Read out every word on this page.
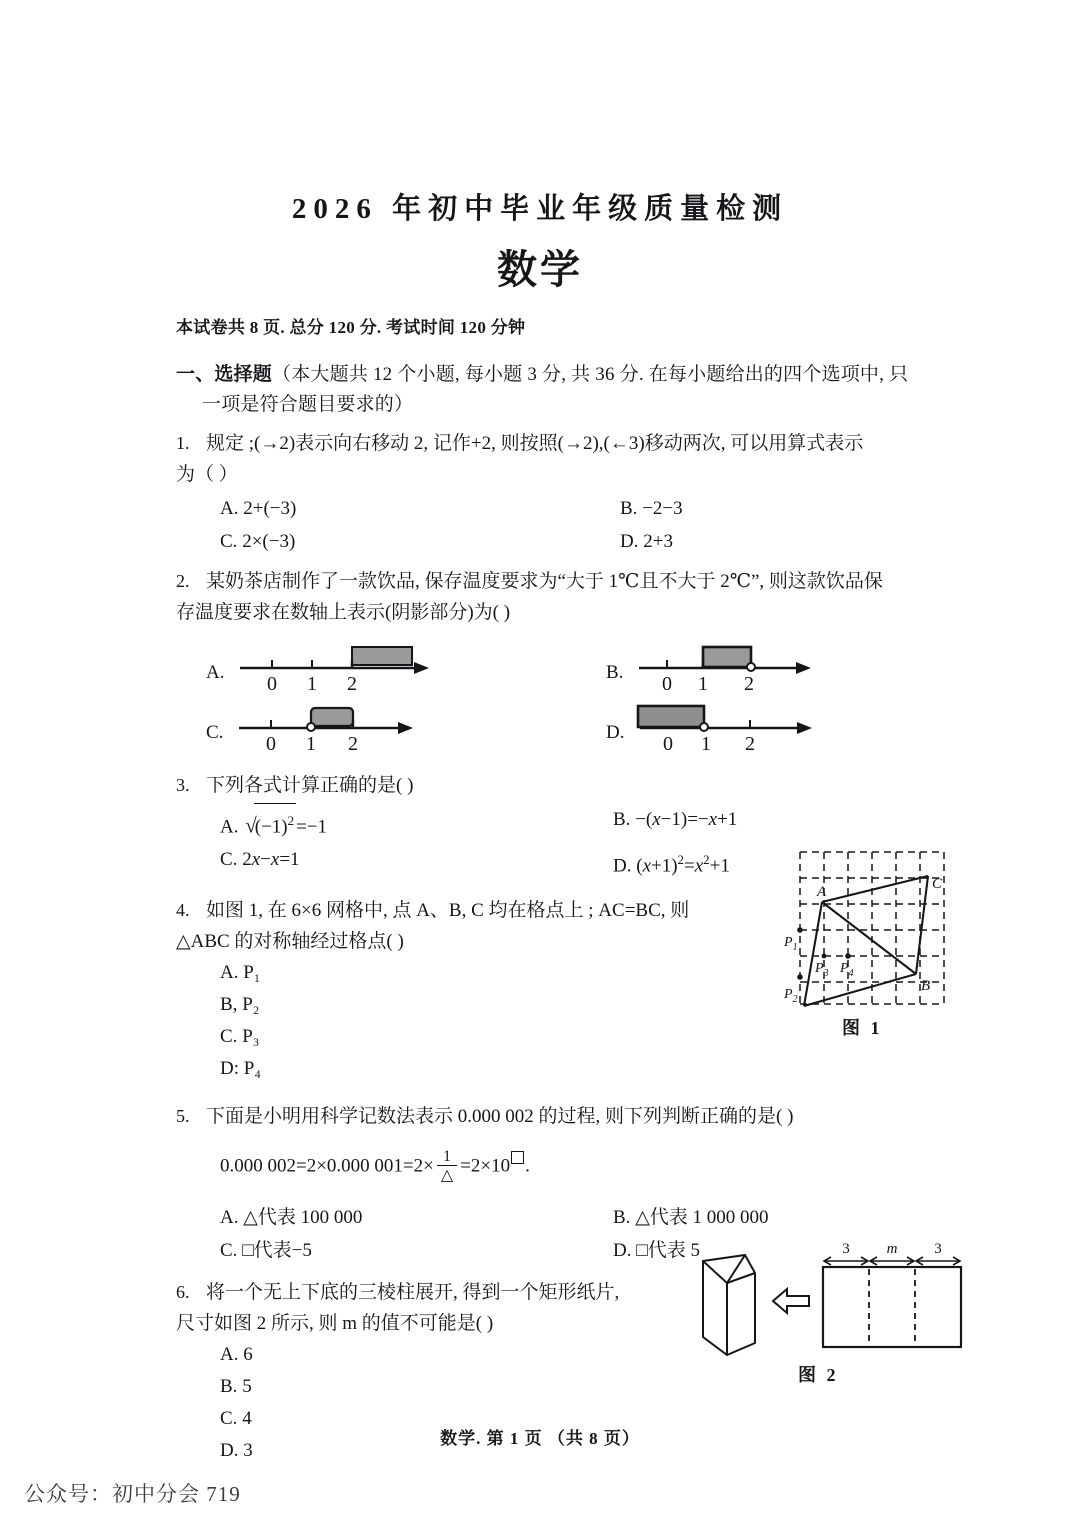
2026 年初中毕业年级质量检测
数学
本试卷共 8 页. 总分 120 分. 考试时间 120 分钟
一、选择题（本大题共 12 个小题, 每小题 3 分, 共 36 分. 在每小题给出的四个选项中, 只
一项是符合题目要求的）
1. 规定 ;(→2)表示向右移动 2, 记作+2, 则按照(→2),(←3)移动两次, 可以用算式表示
为（ ）
A. 2+(−3)	B. −2−3
C. 2×(−3)	D. 2+3
2. 某奶茶店制作了一款饮品, 保存温度要求为“大于 1℃且不大于 2℃”, 则这款饮品保
存温度要求在数轴上表示(阴影部分)为( )
A.
0 1 2
B.
0 1 2
C.
0 1 2
D.
0 1 2
3. 下列各式计算正确的是( )
A. $√(-1)^2 =-1$	B. −(x−1)=−x+1
C. 2x−x=1	D. $(x+1)^2=x^2+1$
4. 如图 1, 在 6×6 网格中, 点 A、B, C 均在格点上 ; AC=BC, 则
△ABC 的对称轴经过格点( )
A. P₁
B, P₂
C. P₃
D: P₄
5. 下面是小明用科学记数法表示 0.000 002 的过程, 则下列判断正确的是( )
0.000 002=2×0.000 $001=2\times \frac{1}{\triangle} =2\times 10$ .
A. △代表 100 000	B. △代表 1 000 000
C. □代表−5	D. □代表 5
6. 将一个无上下底的三棱柱展开, 得到一个矩形纸片,
尺寸如图 2 所示, 则 m 的值不可能是( )
A. 6
B. 5
C. 4
D. 3
A
B
C
$P_1$
$P_2$
$P_3$ $P_4$
图 1
3 m 3
图 2
数学. 第 1 页 （共 8 页）
公众号：初中分会 719
